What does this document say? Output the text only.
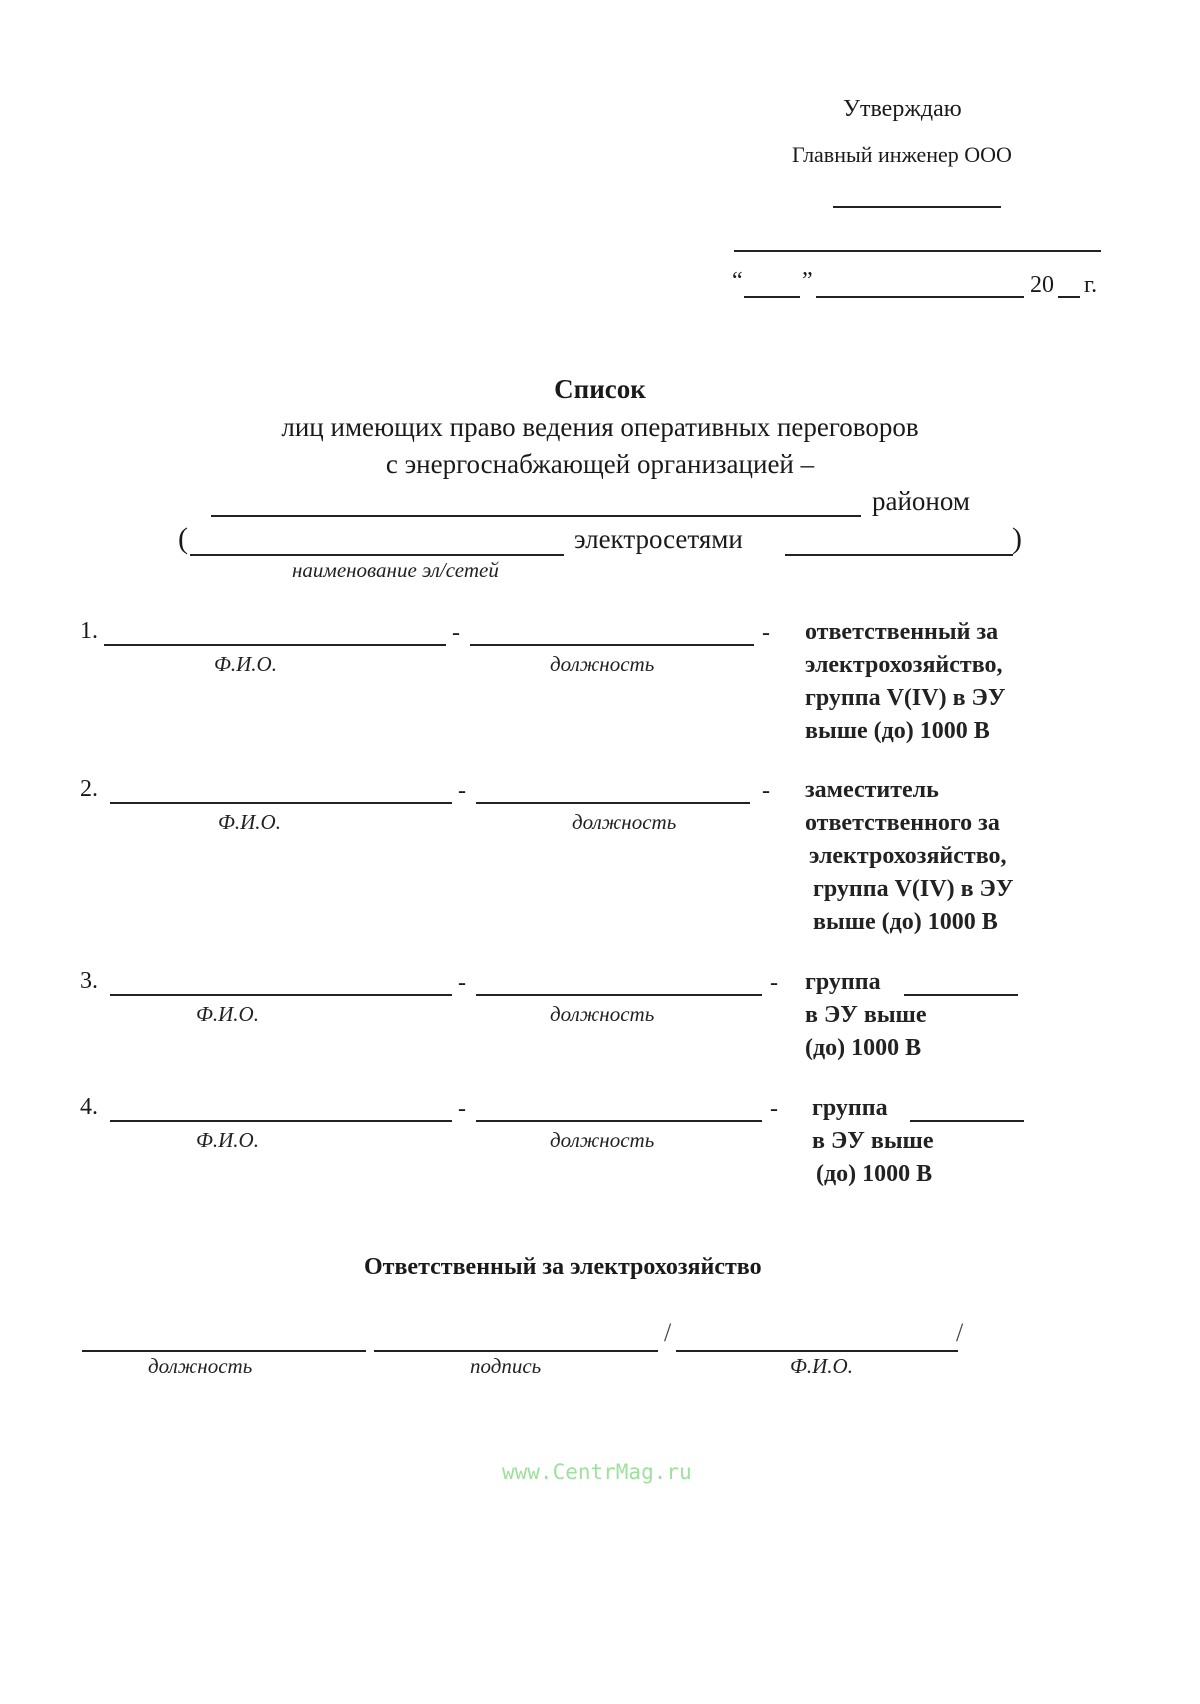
Утверждаю
Главный инженер ООО
“ ”	20 г.
Список
лиц имеющих право ведения оперативных переговоров
с энергоснабжающей организацией –
районом
(	электросетями	)
наименование эл/сетей
1.	-	-
Ф.И.О.	должность
ответственный за
электрохозяйство,
группа V(IV) в ЭУ
выше (до) 1000 В
2.	-	-
Ф.И.О.	должность
заместитель
ответственного за
электрохозяйство,
группа V(IV) в ЭУ
выше (до) 1000 В
3.	-	-
Ф.И.О.	должность
группа
в ЭУ выше
(до) 1000 В
4.	-	-
Ф.И.О.	должность
группа
в ЭУ выше
(до) 1000 В
Ответственный за электрохозяйство
/	/
должность	подпись	Ф.И.О.
www.CentrMag.ru
